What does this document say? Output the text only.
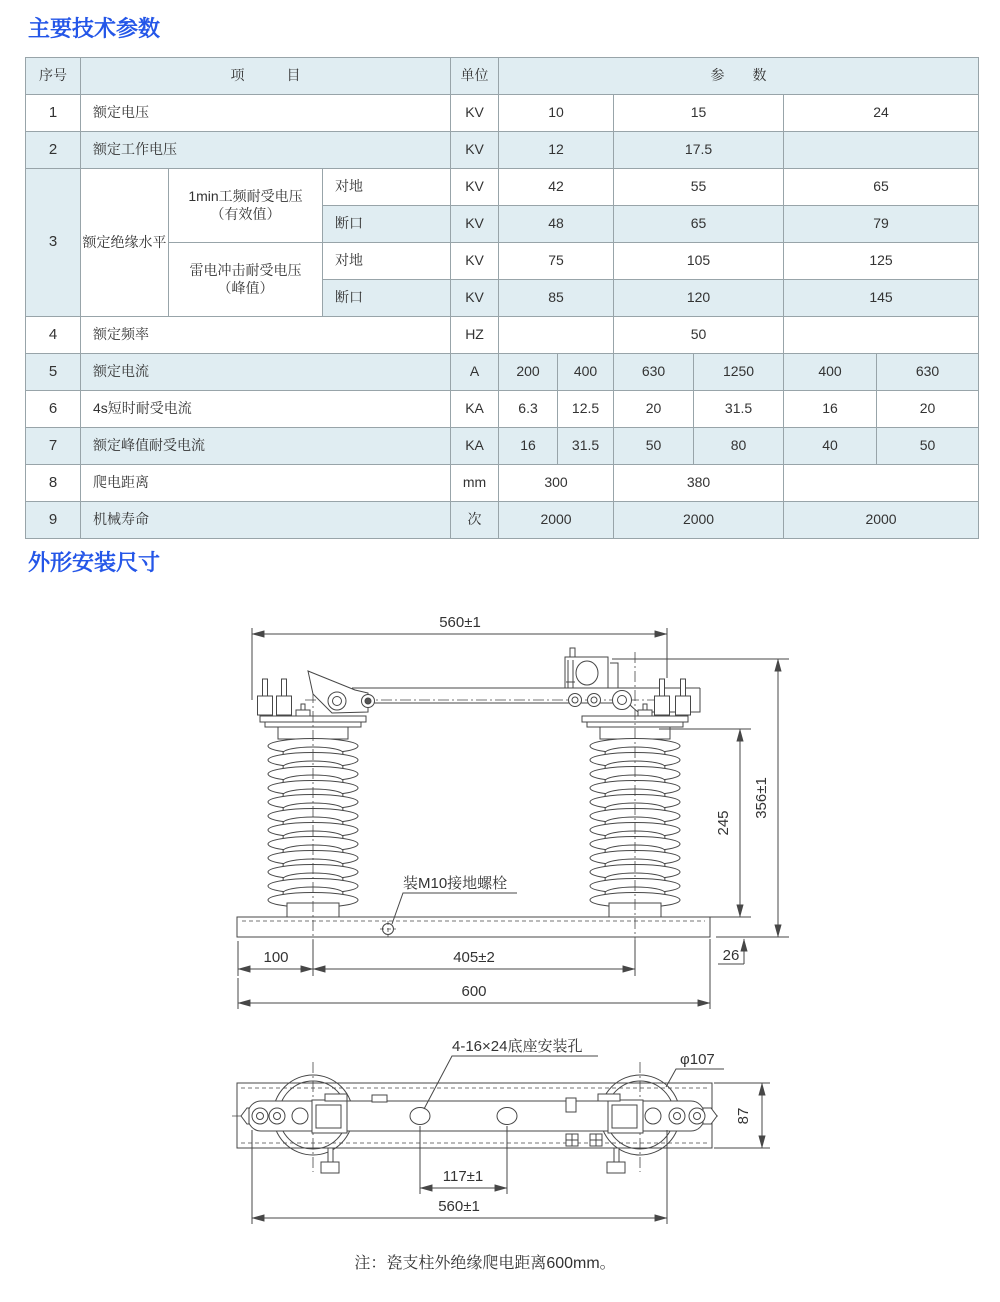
主要技术参数
序号	项　　　目			单位	参　　数					
1	额定电压			KV	10		15		24	
2	额定工作电压			KV	12		17.5			
3	额定绝缘水平	1min工频耐受电压
（有效值）	对地	KV	42		55		65	
			断口	KV	48		65		79	
		雷电冲击耐受电压
（峰值）	对地	KV	75		105		125	
			断口	KV	85		120		145	
4	额定频率			HZ			50			
5	额定电流			A	200	400	630	1250	400	630
6	4s短时耐受电流			KA	6.3	12.5	20	31.5	16	20
7	额定峰值耐受电流			KA	16	31.5	50	80	40	50
8	爬电距离			mm	300		380			
9	机械寿命			次	2000		2000		2000	
外形安装尺寸
装M10接地螺栓
560±1
356±1
245
100	405±2	26
600
4-16×24底座安装孔
φ107
87
117±1
560±1
注：瓷支柱外绝缘爬电距离600mm。
